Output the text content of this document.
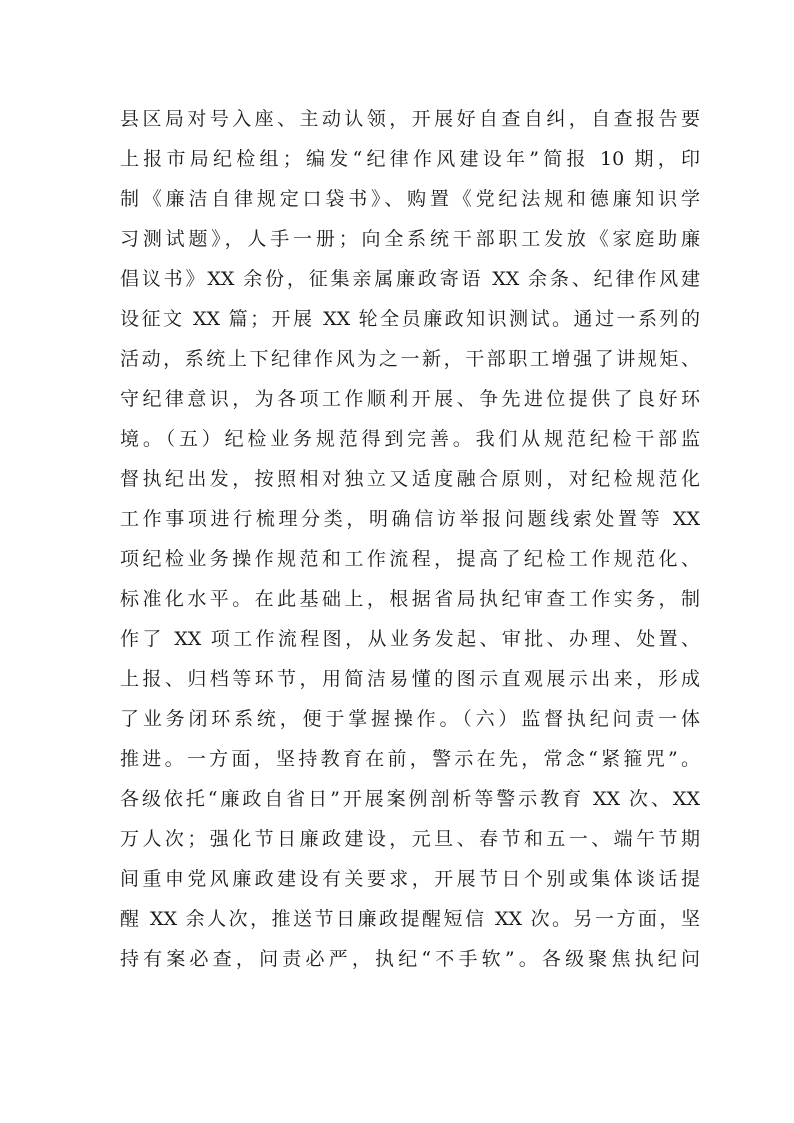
县区局对号入座、主动认领，开展好自查自纠，自查报告要
上报市局纪检组；编发“纪律作风建设年”简报 10 期，印
制《廉洁自律规定口袋书》、购置《党纪法规和德廉知识学
习测试题》，人手一册；向全系统干部职工发放《家庭助廉
倡议书》XX 余份，征集亲属廉政寄语 XX 余条、纪律作风建
设征文 XX 篇；开展 XX 轮全员廉政知识测试。通过一系列的
活动，系统上下纪律作风为之一新，干部职工增强了讲规矩、
守纪律意识，为各项工作顺利开展、争先进位提供了良好环
境。（五）纪检业务规范得到完善。我们从规范纪检干部监
督执纪出发，按照相对独立又适度融合原则，对纪检规范化
工作事项进行梳理分类，明确信访举报问题线索处置等 XX
项纪检业务操作规范和工作流程，提高了纪检工作规范化、
标准化水平。在此基础上，根据省局执纪审查工作实务，制
作了 XX 项工作流程图，从业务发起、审批、办理、处置、
上报、归档等环节，用简洁易懂的图示直观展示出来，形成
了业务闭环系统，便于掌握操作。（六）监督执纪问责一体
推进。一方面，坚持教育在前，警示在先，常念“紧箍咒”。
各级依托“廉政自省日”开展案例剖析等警示教育 XX 次、XX
万人次；强化节日廉政建设，元旦、春节和五一、端午节期
间重申党风廉政建设有关要求，开展节日个别或集体谈话提
醒 XX 余人次，推送节日廉政提醒短信 XX 次。另一方面，坚
持有案必查，问责必严，执纪“不手软”。各级聚焦执纪问
